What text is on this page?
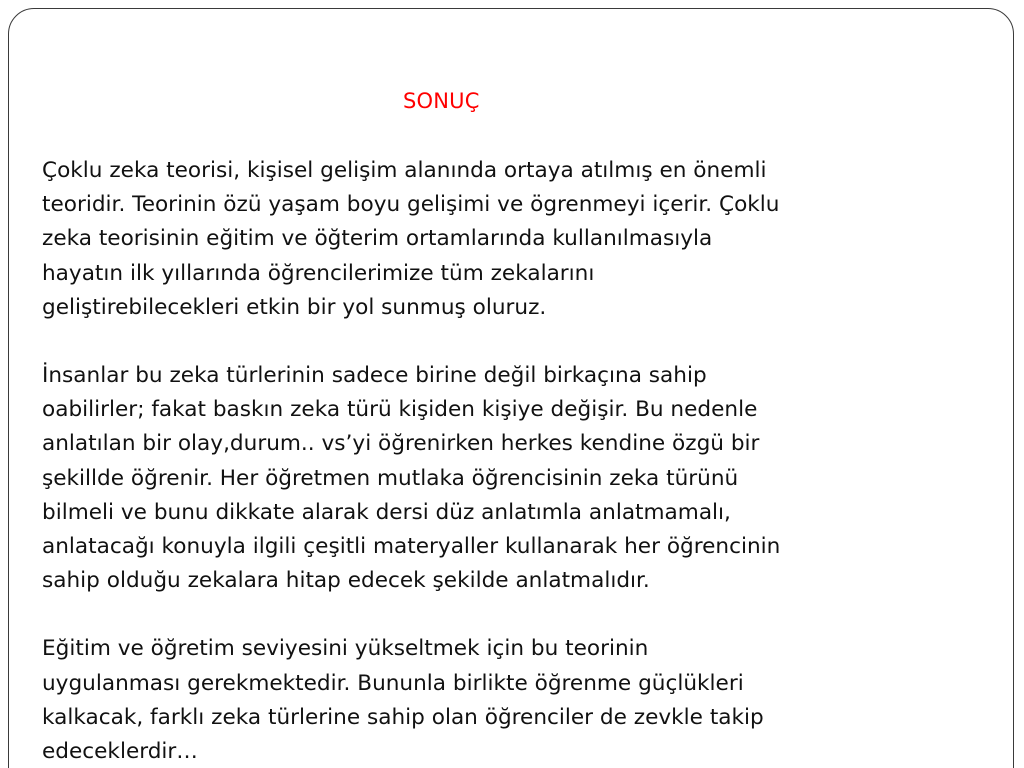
SONUÇ

Çoklu zeka teorisi, kişisel gelişim alanında ortaya atılmış en önemli
teoridir. Teorinin özü yaşam boyu gelişimi ve ögrenmeyi içerir. Çoklu
zeka teorisinin eğitim ve öğterim ortamlarında kullanılmasıyla
hayatın ilk yıllarında öğrencilerimize tüm zekalarını
geliştirebilecekleri etkin bir yol sunmuş oluruz.

İnsanlar bu zeka türlerinin sadece birine değil birkaçına sahip
oabilirler; fakat baskın zeka türü kişiden kişiye değişir. Bu nedenle
anlatılan bir olay,durum.. vs’yi öğrenirken herkes kendine özgü bir
şekillde öğrenir. Her öğretmen mutlaka öğrencisinin zeka türünü
bilmeli ve bunu dikkate alarak dersi düz anlatımla anlatmamalı,
anlatacağı konuyla ilgili çeşitli materyaller kullanarak her öğrencinin
sahip olduğu zekalara hitap edecek şekilde anlatmalıdır.

Eğitim ve öğretim seviyesini yükseltmek için bu teorinin
uygulanması gerekmektedir. Bununla birlikte öğrenme güçlükleri
kalkacak, farklı zeka türlerine sahip olan öğrenciler de zevkle takip
edeceklerdir…
